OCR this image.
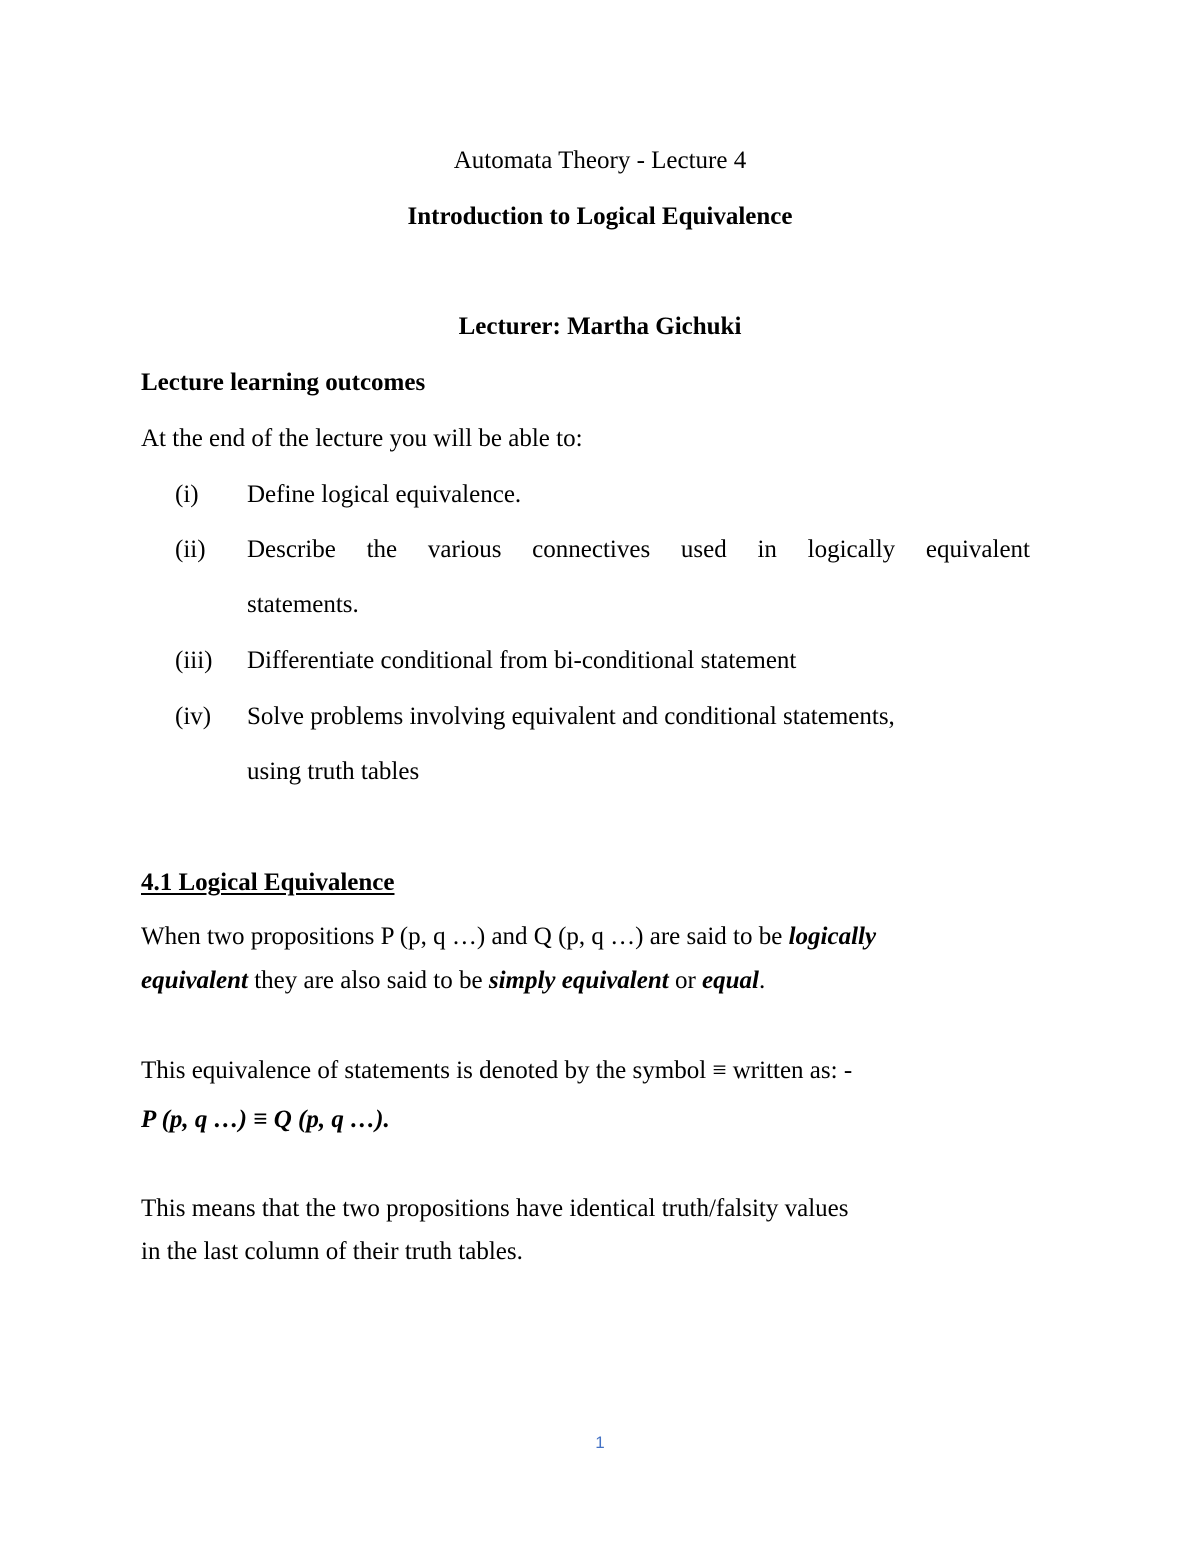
Automata Theory - Lecture 4
Introduction to Logical Equivalence
Lecturer: Martha Gichuki
Lecture learning outcomes
At the end of the lecture you will be able to:
(i) Define logical equivalence.
(ii) Describe the various connectives used in logically equivalent
statements.
(iii) Differentiate conditional from bi-conditional statement
(iv) Solve problems involving equivalent and conditional statements,
using truth tables
4.1 Logical Equivalence
When two propositions P (p, q …) and Q (p, q …) are said to be logically
equivalent they are also said to be simply equivalent or equal.
This equivalence of statements is denoted by the symbol ≡ written as: -
P (p, q …) ≡ Q (p, q …).
This means that the two propositions have identical truth/falsity values
in the last column of their truth tables.
1
